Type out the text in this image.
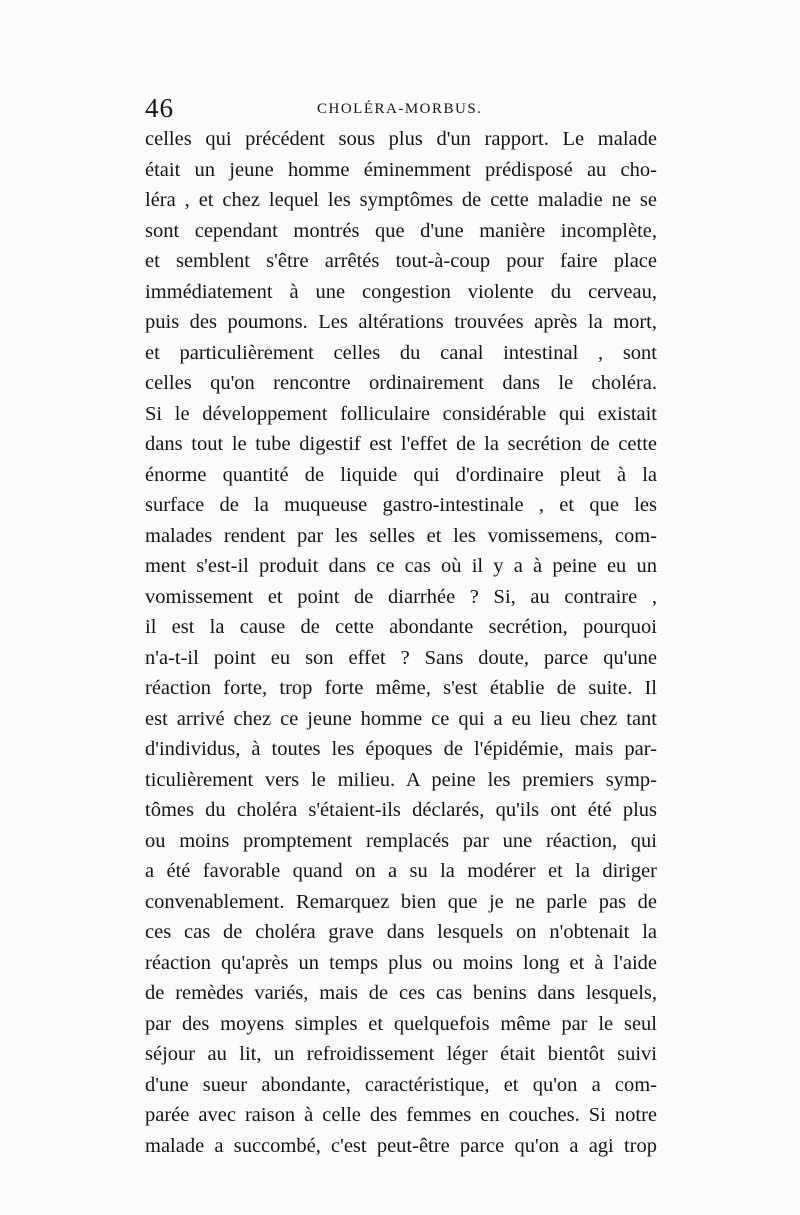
46	CHOLÉRA-MORBUS.
celles qui précédent sous plus d'un rapport. Le malade
était un jeune homme éminemment prédisposé au cho-
léra , et chez lequel les symptômes de cette maladie ne se
sont cependant montrés que d'une manière incomplète,
et semblent s'être arrêtés tout-à-coup pour faire place
immédiatement à une congestion violente du cerveau,
puis des poumons. Les altérations trouvées après la mort,
et particulièrement celles du canal intestinal , sont
celles qu'on rencontre ordinairement dans le choléra.
Si le développement folliculaire considérable qui existait
dans tout le tube digestif est l'effet de la secrétion de cette
énorme quantité de liquide qui d'ordinaire pleut à la
surface de la muqueuse gastro-intestinale , et que les
malades rendent par les selles et les vomissemens, com-
ment s'est-il produit dans ce cas où il y a à peine eu un
vomissement et point de diarrhée ? Si, au contraire ,
il est la cause de cette abondante secrétion, pourquoi
n'a-t-il point eu son effet ? Sans doute, parce qu'une
réaction forte, trop forte même, s'est établie de suite. Il
est arrivé chez ce jeune homme ce qui a eu lieu chez tant
d'individus, à toutes les époques de l'épidémie, mais par-
ticulièrement vers le milieu. A peine les premiers symp-
tômes du choléra s'étaient-ils déclarés, qu'ils ont été plus
ou moins promptement remplacés par une réaction, qui
a été favorable quand on a su la modérer et la diriger
convenablement. Remarquez bien que je ne parle pas de
ces cas de choléra grave dans lesquels on n'obtenait la
réaction qu'après un temps plus ou moins long et à l'aide
de remèdes variés, mais de ces cas benins dans lesquels,
par des moyens simples et quelquefois même par le seul
séjour au lit, un refroidissement léger était bientôt suivi
d'une sueur abondante, caractéristique, et qu'on a com-
parée avec raison à celle des femmes en couches. Si notre
malade a succombé, c'est peut-être parce qu'on a agi trop
